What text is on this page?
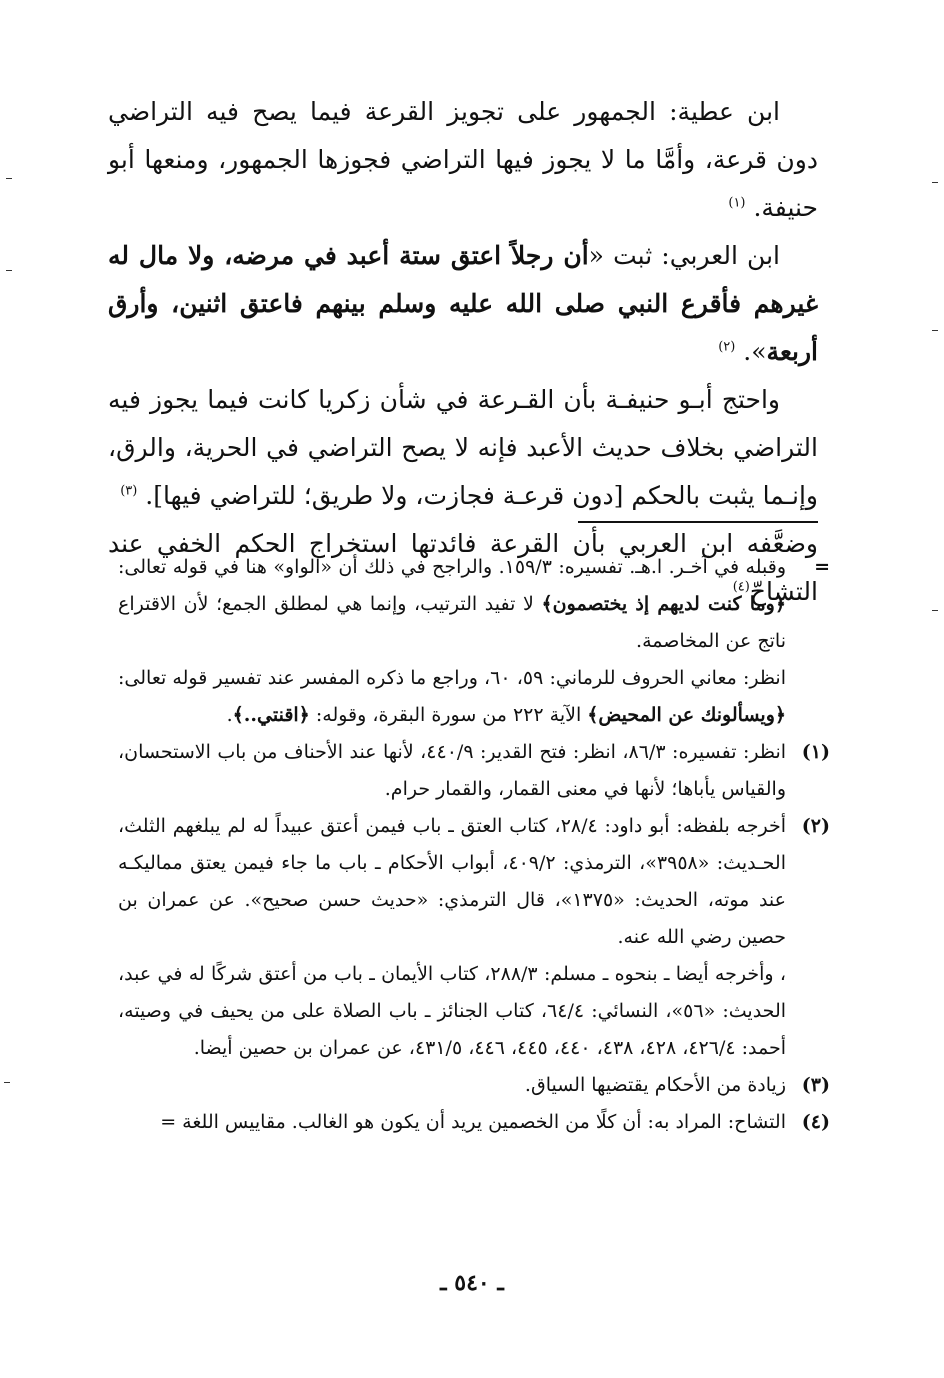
ابن عطية: الجمهور على تجويز القرعة فيما يصح فيه التراضي دون قرعة، وأمَّا ما لا يجوز فيها التراضي فجوزها الجمهور، ومنعها أبو حنيفة. $^{(١)}$

ابن العربي: ثبت «أن رجلاً اعتق ستة أعبد في مرضه، ولا مال له غيرهم فأقرع النبي صلى الله عليه وسلم بينهم فاعتق اثنين، وأرق أربعة». $^{(٢)}$

واحتج أبـو حنيفـة بأن القـرعة في شأن زكريا كانت فيما يجوز فيه التراضي بخلاف حديث الأعبد فإنه لا يصح التراضي في الحرية، والرق، وإنـما يثبت بالحكم [دون قرعـة فجازت، ولا طريق؛ للتراضي فيها]. $^{(٣)}$

وضعَّفه ابن العربي بأن القرعة فائدتها استخراج الحكم الخفي عند التشاحّ$^{(٤)}$

=

وقبله في آخـر. ا.هـ. تفسيره: ١٥٩/٣. والراجح في ذلك أن «الواو» هنا في قوله تعالى: ﴿وما كنت لديهم إذ يختصمون﴾ لا تفيد الترتيب، وإنما هي لمطلق الجمع؛ لأن الاقتراع ناتج عن المخاصمة.

انظر: معاني الحروف للرماني: ٥٩، ٦٠، وراجع ما ذكره المفسر عند تفسير قوله تعالى: ﴿ويسألونك عن المحيض﴾ الآية ٢٢٢ من سورة البقرة، وقوله: ﴿اقنتي..﴾.

(١)

انظر: تفسيره: ٨٦/٣، انظر: فتح القدير: ٤٤٠/٩، لأنها عند الأحناف من باب الاستحسان، والقياس يأباها؛ لأنها في معنى القمار، والقمار حرام.

(٢)

أخرجه بلفظه: أبو داود: ٢٨/٤، كتاب العتق ـ باب فيمن أعتق عبيداً له لم يبلغهم الثلث، الحـديث: «٣٩٥٨»، الترمذي: ٤٠٩/٢، أبواب الأحكام ـ باب ما جاء فيمن يعتق مماليكـه عند موته، الحديث: «١٣٧٥»، قال الترمذي: «حديث حسن صحيح». عن عمران بن حصين رضي الله عنه.

، وأخرجه أيضا ـ بنحوه ـ مسلم: ٢٨٨/٣، كتاب الأيمان ـ باب من أعتق شركًا له في عبد، الحديث: «٥٦»، النسائي: ٦٤/٤، كتاب الجنائز ـ باب الصلاة على من يحيف في وصيته، أحمد: ٤٢٦/٤، ٤٢٨، ٤٣٨، ٤٤٠، ٤٤٥، ٤٤٦، ٤٣١/٥، عن عمران بن حصين أيضا.

(٣)

زيادة من الأحكام يقتضيها السياق.

(٤)

التشاح: المراد به: أن كلًا من الخصمين يريد أن يكون هو الغالب. مقاييس اللغة =

ـ ٥٤٠ ـ
